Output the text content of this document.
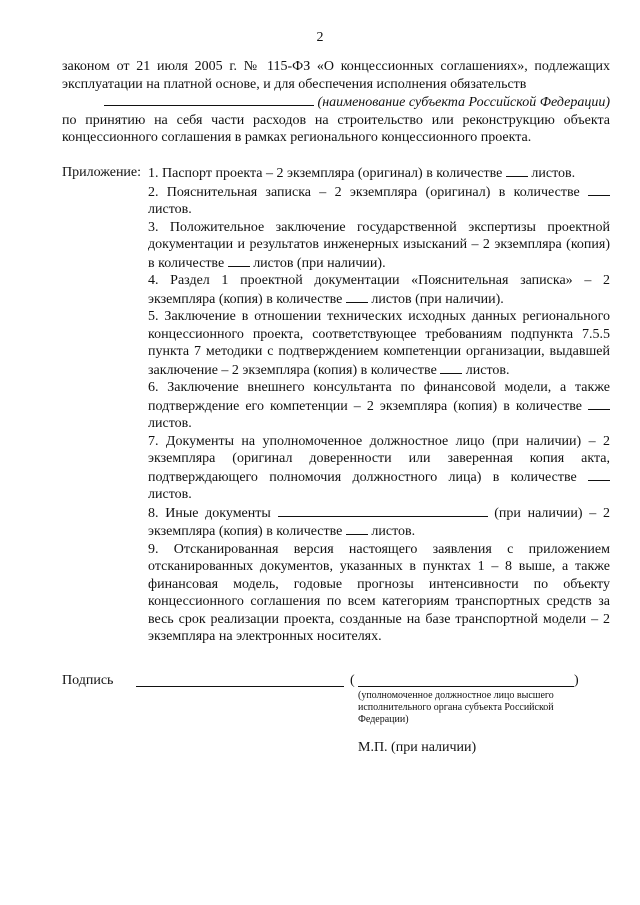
2

законом от 21 июля 2005 г. № 115-ФЗ «О концессионных соглашениях», подлежащих эксплуатации на платной основе, и для обеспечения исполнения обязательств

(наименование субъекта Российской Федерации)

по принятию на себя части расходов на строительство или реконструкцию объекта концессионного соглашения в рамках регионального концессионного проекта.

Приложение: 1. Паспорт проекта – 2 экземпляра (оригинал) в количестве листов.
2. Пояснительная записка – 2 экземпляра (оригинал) в количестве  листов.
3. Положительное заключение государственной экспертизы проектной документации и результатов инженерных изысканий – 2 экземпляра (копия) в количестве листов (при наличии).
4. Раздел 1 проектной документации «Пояснительная записка» – 2 экземпляра (копия) в количестве листов (при наличии).
5. Заключение в отношении технических исходных данных регионального концессионного проекта, соответствующее требованиям подпункта 7.5.5 пункта 7 методики с подтверждением компетенции организации, выдавшей заключение – 2 экземпляра (копия) в количестве листов.
6. Заключение внешнего консультанта по финансовой модели, а также подтверждение его компетенции – 2 экземпляра (копия) в количестве  листов.
7. Документы на уполномоченное должностное лицо (при наличии) – 2 экземпляра (оригинал доверенности или заверенная копия акта, подтверждающего полномочия должностного лица) в количестве  листов.
8. Иные документы	(при наличии) – 2 экземпляра (копия) в количестве листов.
9. Отсканированная версия настоящего заявления с приложением отсканированных документов, указанных в пунктах 1 – 8 выше, а также финансовая модель, годовые прогнозы интенсивности по объекту концессионного соглашения по всем категориям транспортных средств за весь срок реализации проекта, созданные на базе транспортной модели – 2 экземпляра на электронных носителях.
Подпись	(	)
(уполномоченное должностное лицо высшего исполнительного органа субъекта Российской Федерации)
М.П. (при наличии)
